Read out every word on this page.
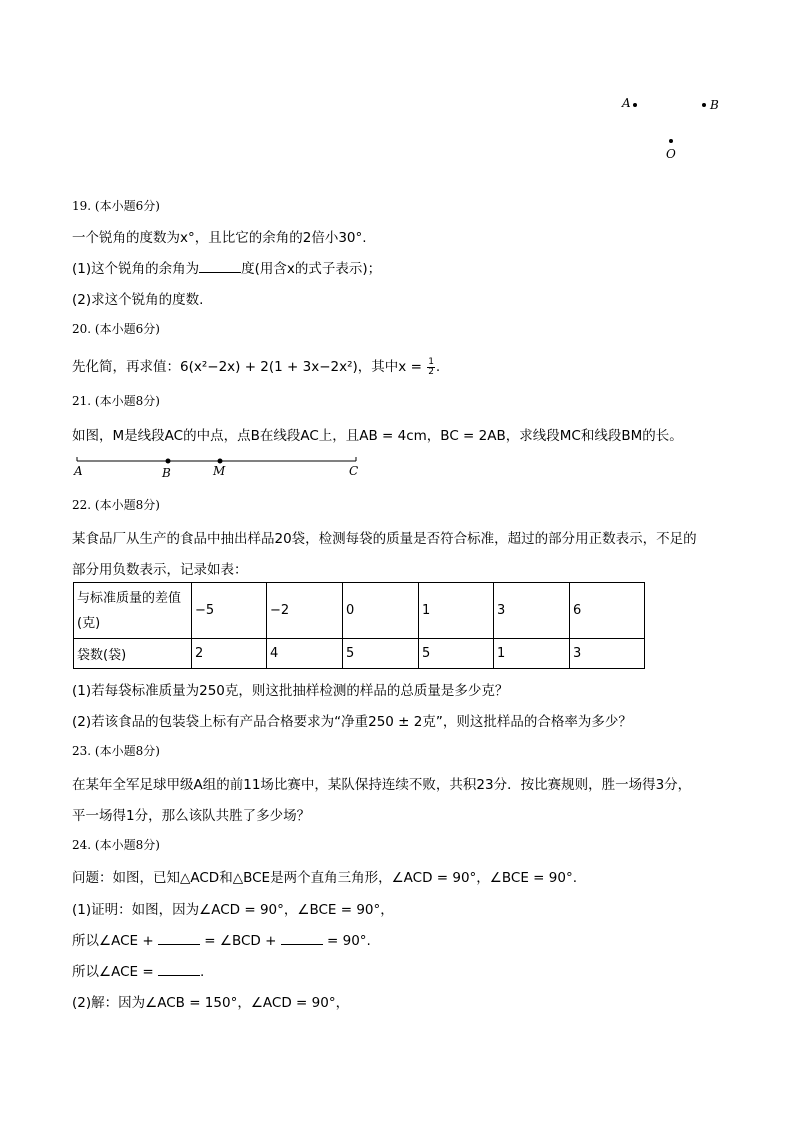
A	B
O
19. (本小题6分)
一个锐角的度数为x°，且比它的余角的2倍小30°.
(1)这个锐角的余角为	度(用含x的式子表示)；
(2)求这个锐角的度数.
20. (本小题6分)
先化简，再求值：6(x²−2x) + 2(1 + 3x−2x²)，其中$x = \frac{1}{2}$ .
21. (本小题8分)
如图，M是线段AC的中点，点B在线段AC上，且AB = 4cm，BC = 2AB，求线段MC和线段BM的长。
A	B	M	C
22. (本小题8分)
某食品厂从生产的食品中抽出样品20袋，检测每袋的质量是否符合标准，超过的部分用正数表示，不足的
部分用负数表示，记录如表：
与标准质量的差值
(克)	−5	−2	0	1	3	6
袋数(袋)	2	4	5	5	1	3
(1)若每袋标准质量为250克，则这批抽样检测的样品的总质量是多少克？
(2)若该食品的包装袋上标有产品合格要求为“净重250 ± 2克”，则这批样品的合格率为多少？
23. (本小题8分)
在某年全军足球甲级A组的前11场比赛中，某队保持连续不败，共积23分．按比赛规则，胜一场得3分，
平一场得1分，那么该队共胜了多少场？
24. (本小题8分)
问题：如图，已知△ACD和△BCE是两个直角三角形，∠ACD = 90°，∠BCE = 90°.
(1)证明：如图，因为∠ACD = 90°，∠BCE = 90°，
所以∠ACE +	= ∠BCD +	= 90°.
所以∠ACE =	.
(2)解：因为∠ACB = 150°，∠ACD = 90°，
